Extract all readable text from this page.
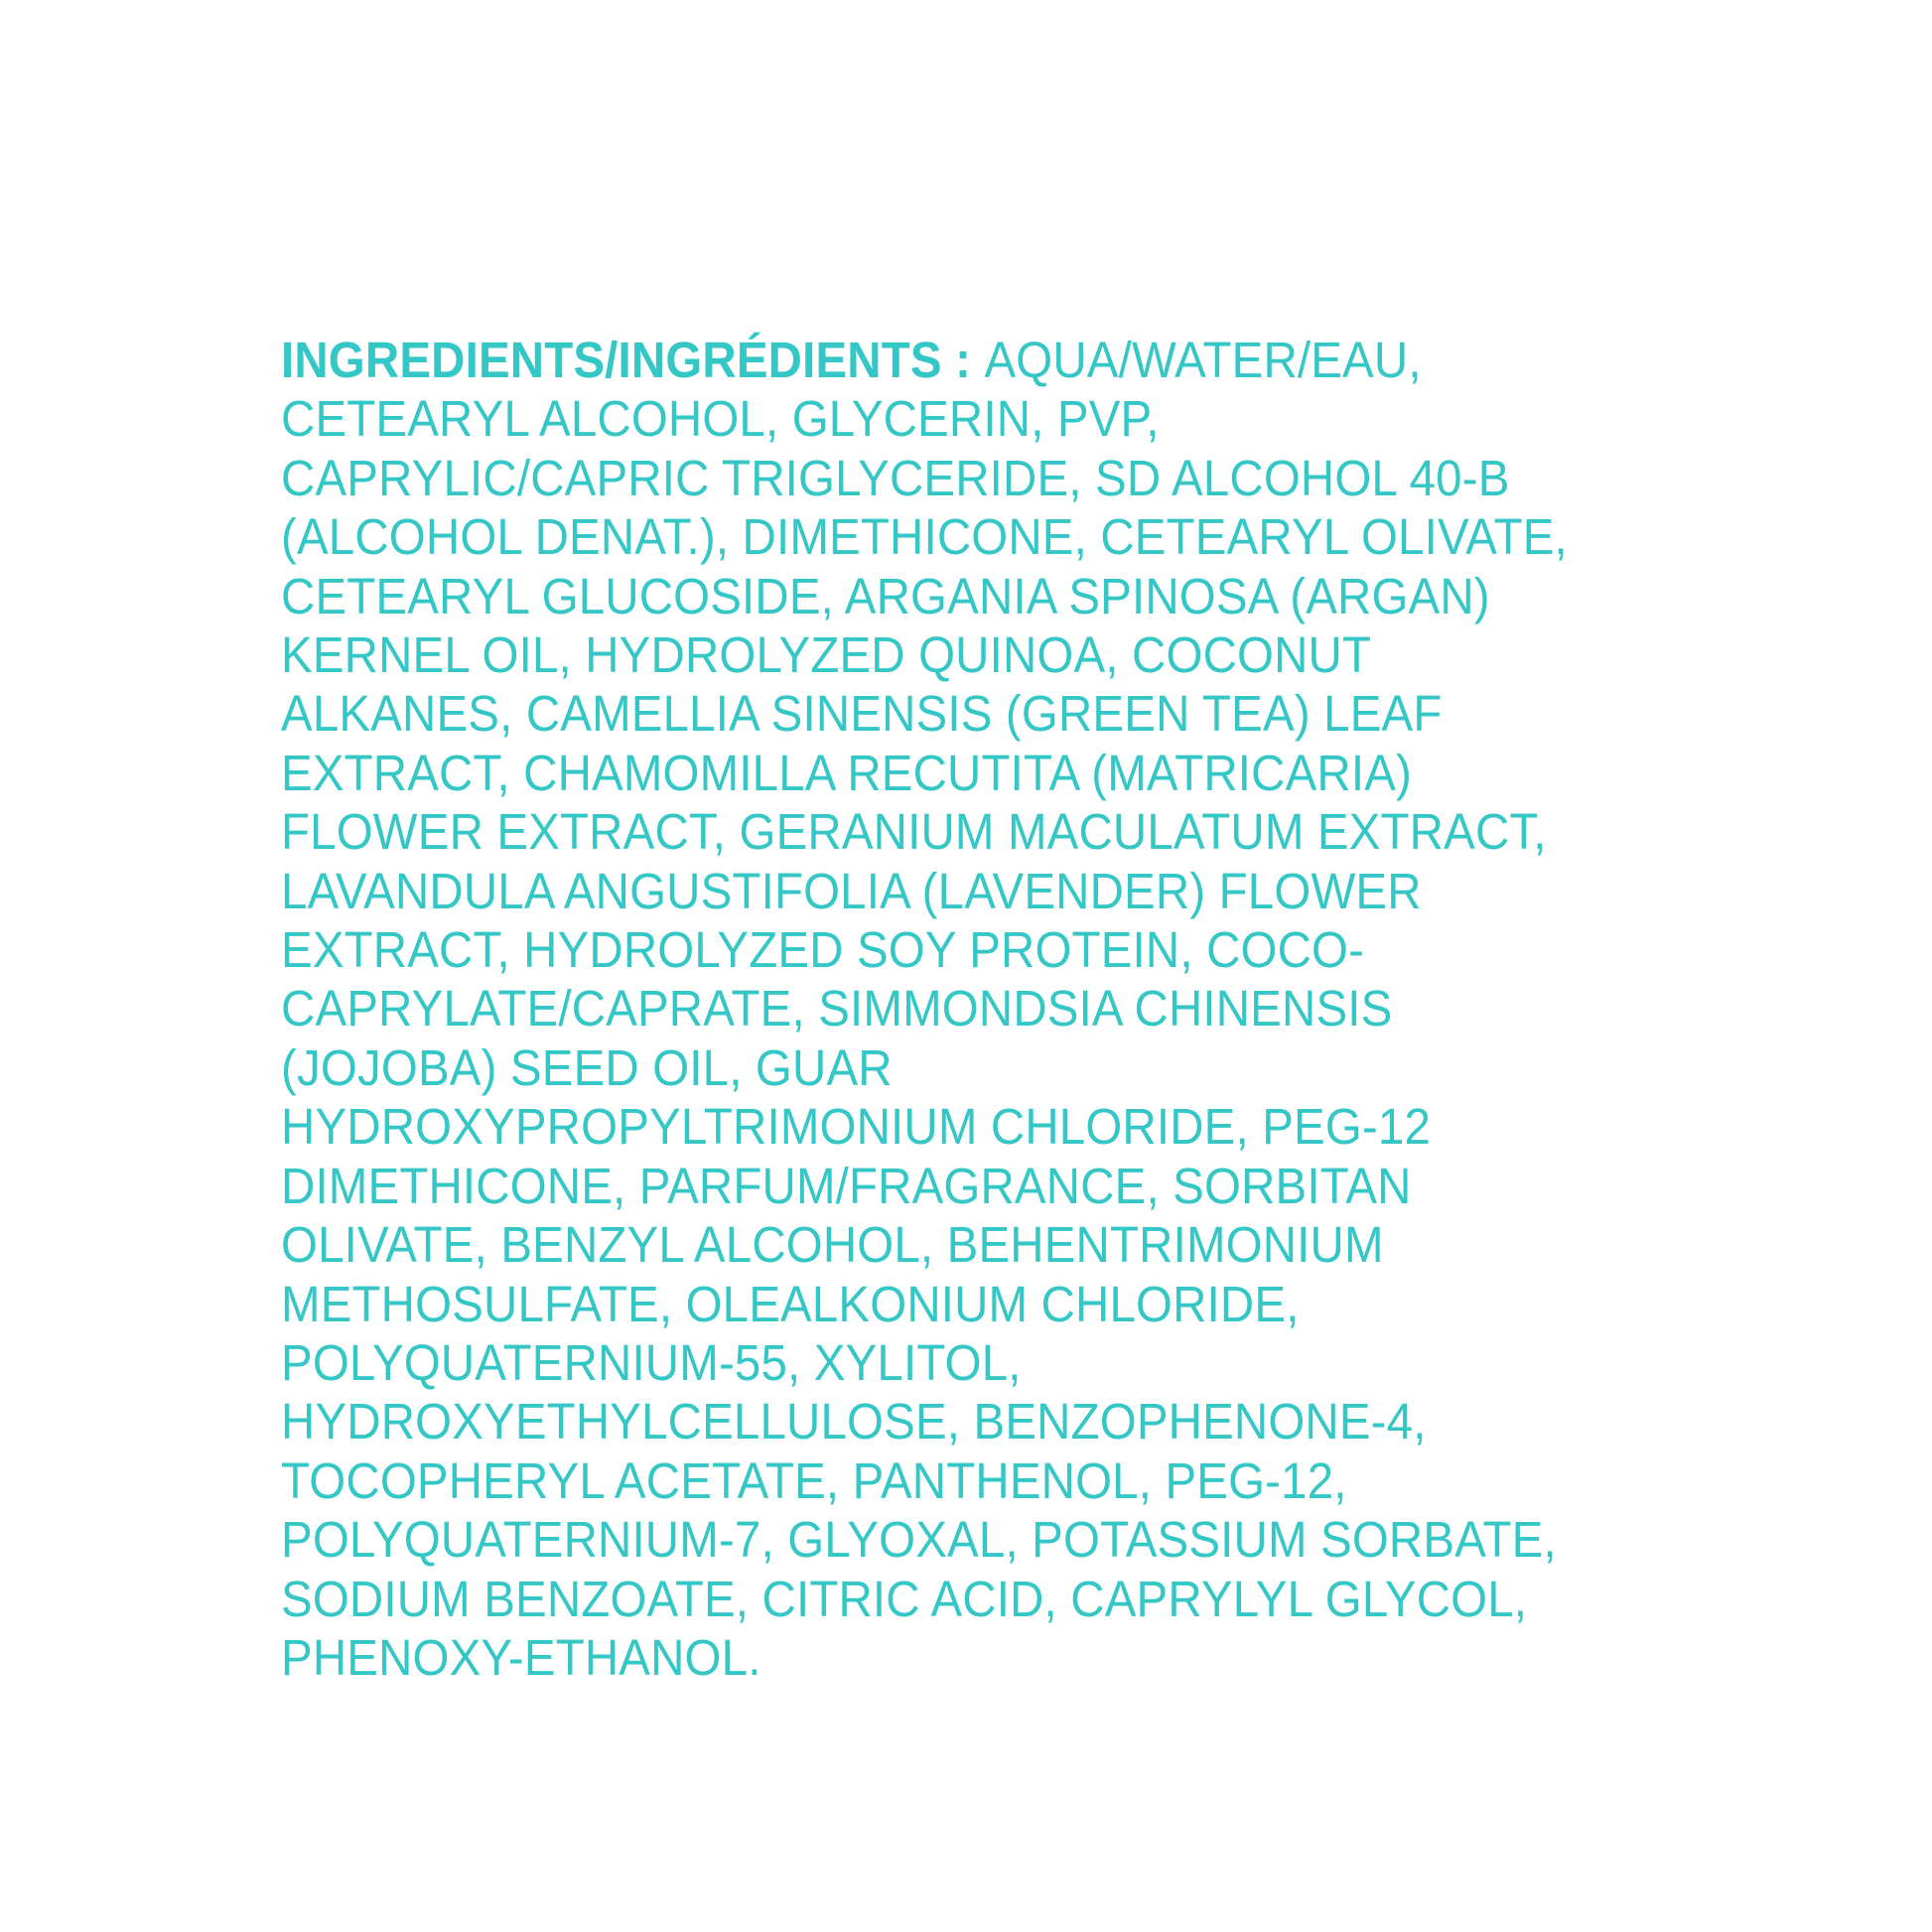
INGREDIENTS/INGRÉDIENTS : AQUA/WATER/EAU, CETEARYL ALCOHOL, GLYCERIN, PVP, CAPRYLIC/CAPRIC TRIGLYCERIDE, SD ALCOHOL 40-B (ALCOHOL DENAT.), DIMETHICONE, CETEARYL OLIVATE, CETEARYL GLUCOSIDE, ARGANIA SPINOSA (ARGAN) KERNEL OIL, HYDROLYZED QUINOA, COCONUT ALKANES, CAMELLIA SINENSIS (GREEN TEA) LEAF EXTRACT, CHAMOMILLA RECUTITA (MATRICARIA) FLOWER EXTRACT, GERANIUM MACULATUM EXTRACT, LAVANDULA ANGUSTIFOLIA (LAVENDER) FLOWER EXTRACT, HYDROLYZED SOY PROTEIN, COCO-CAPRYLATE/CAPRATE, SIMMONDSIA CHINENSIS (JOJOBA) SEED OIL, GUAR HYDROXYPROPYLTRIMONIUM CHLORIDE, PEG-12 DIMETHICONE, PARFUM/FRAGRANCE, SORBITAN OLIVATE, BENZYL ALCOHOL, BEHENTRIMONIUM METHOSULFATE, OLEALKONIUM CHLORIDE, POLYQUATERNIUM-55, XYLITOL, HYDROXYETHYLCELLULOSE, BENZOPHENONE-4, TOCOPHERYL ACETATE, PANTHENOL, PEG-12, POLYQUATERNIUM-7, GLYOXAL, POTASSIUM SORBATE, SODIUM BENZOATE, CITRIC ACID, CAPRYLYL GLYCOL, PHENOXY-ETHANOL.
